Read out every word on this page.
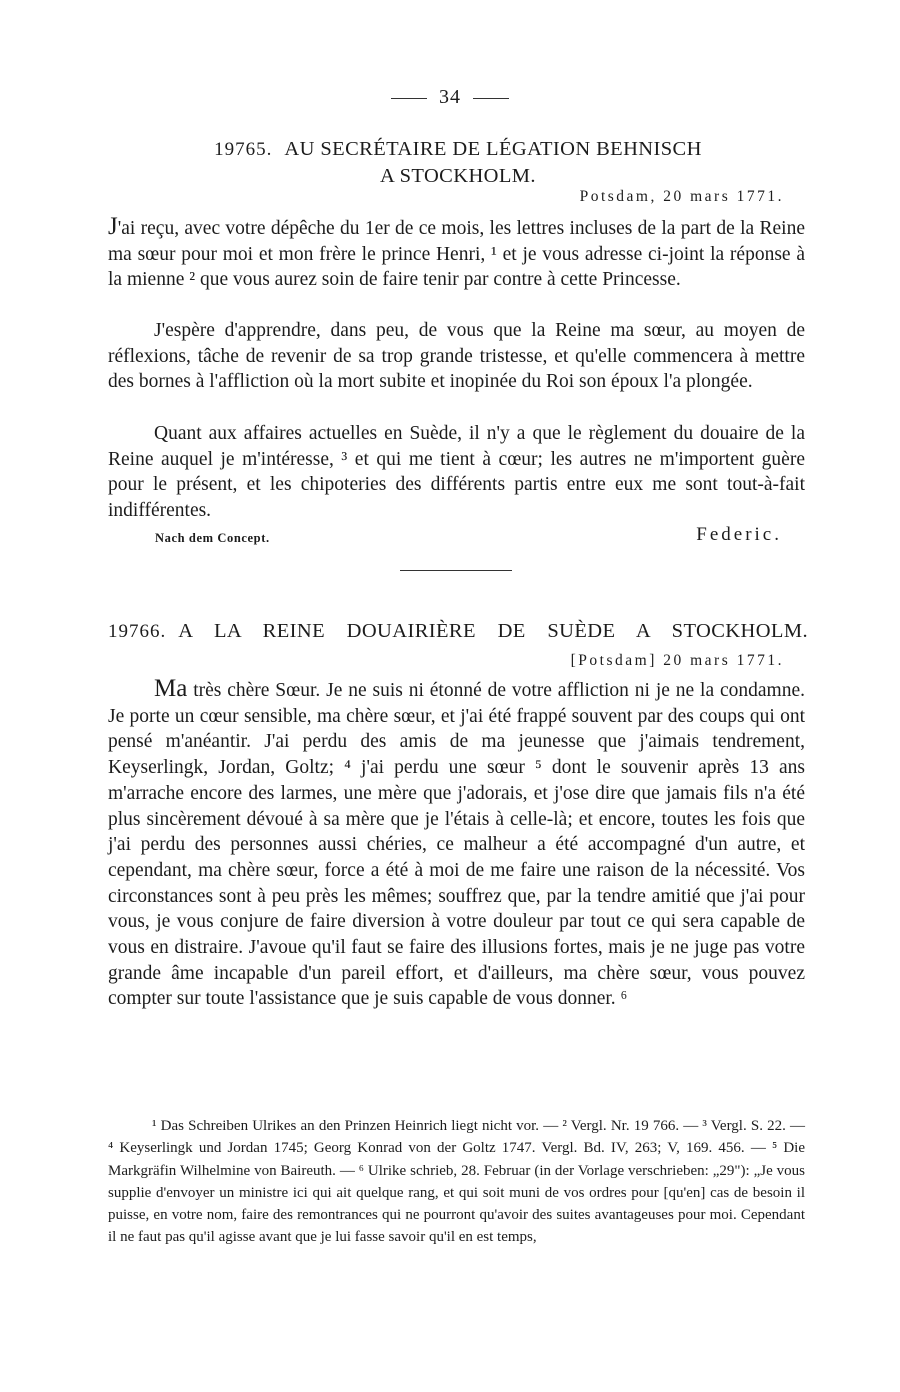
34
19765. AU SECRÉTAIRE DE LÉGATION BEHNISCH
A STOCKHOLM.
Potsdam, 20 mars 1771.

J'ai reçu, avec votre dépêche du 1er de ce mois, les lettres incluses de la part de la Reine ma sœur pour moi et mon frère le prince Henri, ¹ et je vous adresse ci-joint la réponse à la mienne ² que vous aurez soin de faire tenir par contre à cette Princesse.

J'espère d'apprendre, dans peu, de vous que la Reine ma sœur, au moyen de réflexions, tâche de revenir de sa trop grande tristesse, et qu'elle commencera à mettre des bornes à l'affliction où la mort subite et inopinée du Roi son époux l'a plongée.

Quant aux affaires actuelles en Suède, il n'y a que le règlement du douaire de la Reine auquel je m'intéresse, ³ et qui me tient à cœur; les autres ne m'importent guère pour le présent, et les chipoteries des différents partis entre eux me sont tout-à-fait indifférentes.

Nach dem Concept.	Federic.
19766. A LA REINE DOUAIRIÈRE DE SUÈDE A STOCKHOLM.
[Potsdam] 20 mars 1771.

Ma très chère Sœur. Je ne suis ni étonné de votre affliction ni je ne la condamne. Je porte un cœur sensible, ma chère sœur, et j'ai été frappé souvent par des coups qui ont pensé m'anéantir. J'ai perdu des amis de ma jeunesse que j'aimais tendrement, Keyserlingk, Jordan, Goltz; ⁴ j'ai perdu une sœur ⁵ dont le souvenir après 13 ans m'arrache encore des larmes, une mère que j'adorais, et j'ose dire que jamais fils n'a été plus sincèrement dévoué à sa mère que je l'étais à celle-là; et encore, toutes les fois que j'ai perdu des personnes aussi chéries, ce malheur a été accompagné d'un autre, et cependant, ma chère sœur, force a été à moi de me faire une raison de la nécessité. Vos circonstances sont à peu près les mêmes; souffrez que, par la tendre amitié que j'ai pour vous, je vous conjure de faire diversion à votre douleur par tout ce qui sera capable de vous en distraire. J'avoue qu'il faut se faire des illusions fortes, mais je ne juge pas votre grande âme incapable d'un pareil effort, et d'ailleurs, ma chère sœur, vous pouvez compter sur toute l'assistance que je suis capable de vous donner. ⁶

¹ Das Schreiben Ulrikes an den Prinzen Heinrich liegt nicht vor. — ² Vergl. Nr. 19 766. — ³ Vergl. S. 22. — ⁴ Keyserlingk und Jordan 1745; Georg Konrad von der Goltz 1747. Vergl. Bd. IV, 263; V, 169. 456. — ⁵ Die Markgräfin Wilhelmine von Baireuth. — ⁶ Ulrike schrieb, 28. Februar (in der Vorlage verschrieben: „29"): „Je vous supplie d'envoyer un ministre ici qui ait quelque rang, et qui soit muni de vos ordres pour [qu'en] cas de besoin il puisse, en votre nom, faire des remontrances qui ne pourront qu'avoir des suites avantageuses pour moi. Cependant il ne faut pas qu'il agisse avant que je lui fasse savoir qu'il en est temps,
